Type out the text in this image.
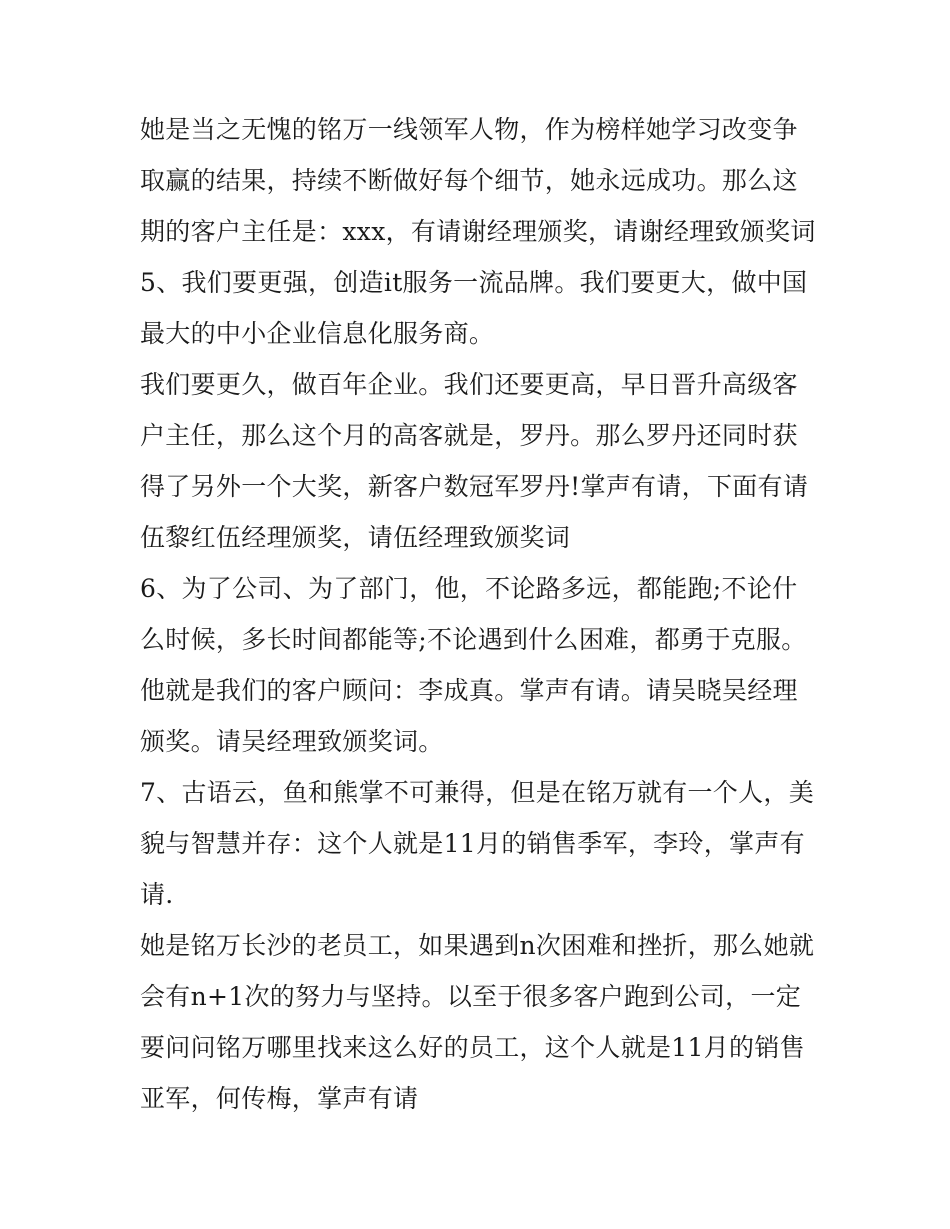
她是当之无愧的铭万一线领军人物，作为榜样她学习改变争取赢的结果，持续不断做好每个细节，她永远成功。那么这期的客户主任是：xxx，有请谢经理颁奖，请谢经理致颁奖词

5、我们要更强，创造it服务一流品牌。我们要更大，做中国最大的中小企业信息化服务商。

我们要更久，做百年企业。我们还要更高，早日晋升高级客户主任，那么这个月的高客就是，罗丹。那么罗丹还同时获得了另外一个大奖，新客户数冠军罗丹!掌声有请，下面有请伍黎红伍经理颁奖，请伍经理致颁奖词

6、为了公司、为了部门，他，不论路多远，都能跑;不论什么时候，多长时间都能等;不论遇到什么困难，都勇于克服。他就是我们的客户顾问：李成真。掌声有请。请吴晓吴经理颁奖。请吴经理致颁奖词。

7、古语云，鱼和熊掌不可兼得，但是在铭万就有一个人，美貌与智慧并存：这个人就是11月的销售季军，李玲，掌声有请.

她是铭万长沙的老员工，如果遇到n次困难和挫折，那么她就会有n+1次的努力与坚持。以至于很多客户跑到公司，一定要问问铭万哪里找来这么好的员工，这个人就是11月的销售亚军，何传梅，掌声有请
